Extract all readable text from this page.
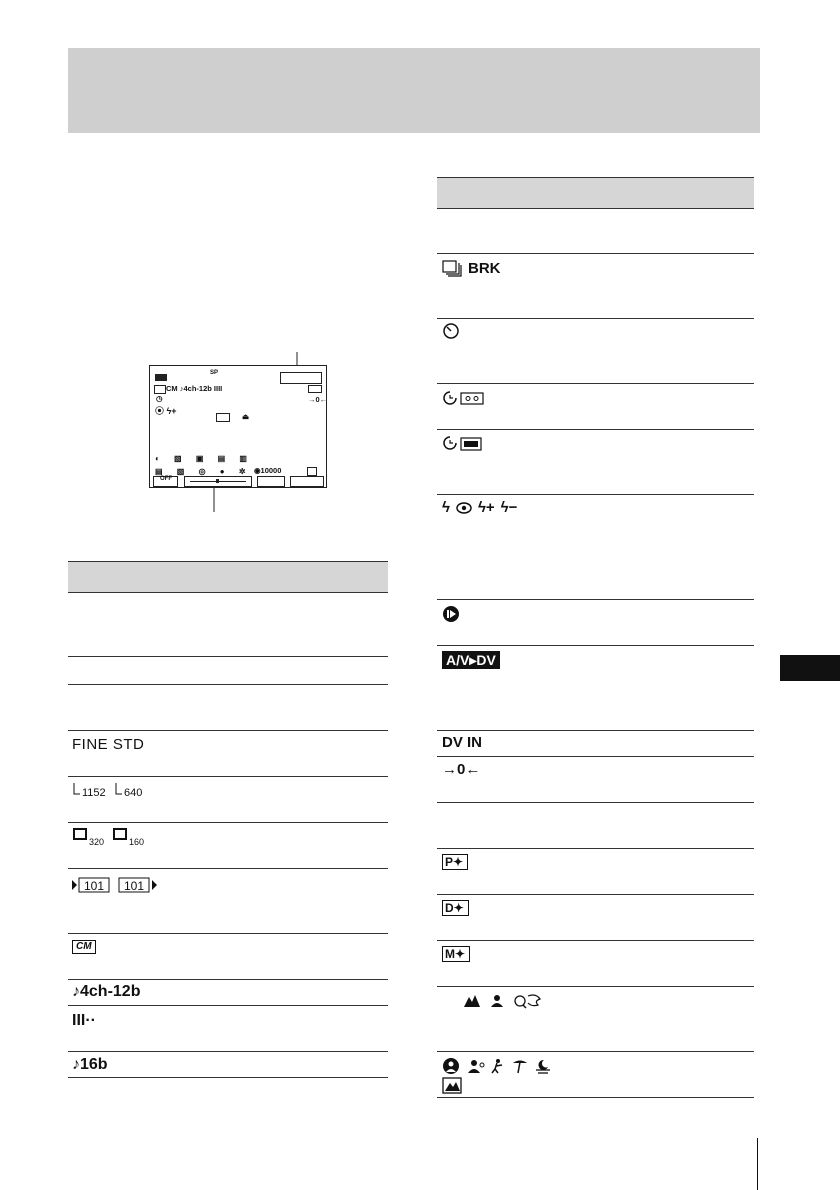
SP
CM ♪4ch-12b IIII
◷	→0←
⦿ ϟ+
⏏
◐ ▧ ▣ ▤ ▥
▤ ▧ ◎ ● ✲ ◉10000
OFF
FINE STD
1152 640
320	160
101 101
CM
♪4ch-12b
III··
♪16b
BRK
ϟ ϟ+ ϟ−
A/V▸DV
DV IN
→0←
P✦
D✦
M✦
